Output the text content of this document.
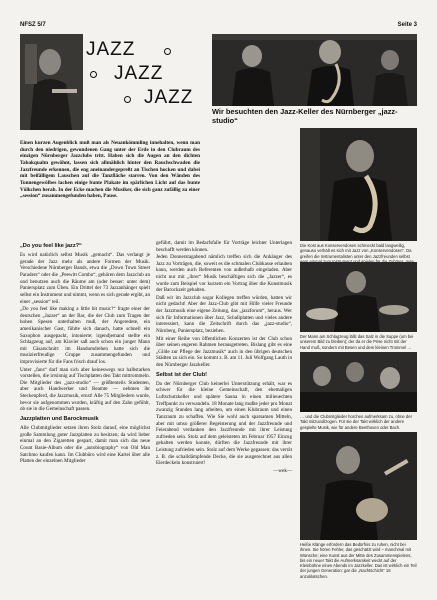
NFSZ 5/7	Seite 3
JAZZ
JAZZ
JAZZ
Wir besuchten den Jazz-Keller des Nürnberger „jazz-studio“
Die Kost aus Konservendosen schmeckt bald langweilig, genauso verhält es sich mit Jazz von „Konservendosen“. Da greifen die Instrumentalisten unter den Jazzfreunden selbst
Einen kurzen Augenblick muß man als Neuankömmling innehalten, wenn man durch den niedrigen, gewundenen Gang unter der Erde in den Clubraum des einzigen Nürnberger Jazzclubs tritt. Haben sich die Augen an den dichten Tabakqualm gewöhnt, lassen sich allmählich hinter den Rauchschwaden die Jazzfreunde erkennen, die eng aneinandergepreßt an Tischen hocken und dabei mit beifälligem Lauschen auf die Tanzfläche starren. Von den Wänden des Tonnengewölbes lachen einige bunte Plakate im spärlichen Licht auf das bunte Völkchen herab. In der Ecke machen die Musiker, die sich ganz zufällig zu einer „session“ zusammengefunden haben, Pause.
„Do you feel like jazz?“

Es wird natürlich selbst Musik „gemacht“. Das verlangt je gerade der Jazz mehr als andere Formen der Musik. Verschiedene Nürnberger Bands, etwa die „Down Town Street Paraders“ oder die „Peewitt Combo“, gehören dem Jazzclub an und benutzen auch die Räume am (oder besser: unter dem) Paniersplatz zum Üben. Ein Drittel der 73 Jazzanhänger spielt selbst ein Instrument und nimmt, wenn es sich gerade ergibt, an einer „session“ teil.

„Do you feel like making a little bit music?“ fragte einer der deutschen „Jazzer“ an der Bar, die der Club zum Tragen der hohen Spesen unterhalten muß, der Angeredete, ein amerikanischer Gast, fühlte sich danach, hatte schnell ein Saxophon ausgepackt, intonierte; irgendjemand stellte ein Schlagzeug auf, am Klavier saß auch schon ein junger Mann mit Cäsarschnitt: im Handumdrehen hatte sich die musizierfreudige Gruppe zusammengefunden und improvisierte für die Fans frisch drauf los.

Unter „fans“ darf man sich aber keineswegs nur halbstarken vorstellen, die irrsinnig auf Tischplatten den Takt mittrommeln. Die Mitglieder des „jazz-studio“ — größtenteils Studenten, aber auch Handwerker und Beamte — nehmen ihr Steckenpferd, die Jazzmusik, ernst! Alle 75 Mitgliedern wurde, bevor sie aufgenommen wurden, kräftig auf den Zahn gefühlt, ob sie in die Gemeinschaft passen.

Jazzplatten und Barockmusik

Alle Clubmitglieder setzen ihren Stolz darauf, eine möglichst große Sammlung guter Jazzplatten zu besitzen; da wird lieber einmal an den Zigaretten gespart, damit man sich das neue Count Basie-Album oder die „autobiography“ von Old Man Satchmo kaufen kann. Im Clubbüro wird eine Kartei über alle Platten der einzelnen Mitglieder

geführt, damit im Bedarfsfalle für Vorträge leichter Unterlagen beschafft werden können.

Jeden Donnerstagabend nämlich treffen sich die Anhänger des Jazz zu Vorträgen, die, soweit es die schmalen Clubkasse erlauben kann, werden auch Referenten von außerhalb eingeladen. Aber nicht nur mit „ihrer“ Musik beschäftigen sich die „Jazzer“, es wurde zum Beispiel vor kurzem ein Vortrag über die Kunstmusik der Barockzeit gehalten.

Daß wir im Jazzclub sogar Kollegen treffen würden, hatten wir nicht gedacht! Aber der Jazz-Club gibt mit Hilfe vieler Freunde der Jazzmusik eine eigene Zeitung, das „jazzforum“, heraus. Wer sich für Informationen über Jazz, Schallplatten und vieles andere interessiert, kann die Zeitschrift durch das „jazz-studio“, Nürnberg, Paniersplatz, beziehen.

Mit einer Reihe von öffentlichen Konzerten ist der Club schon über seinen engeren Rahmen herausgetreten. Bislang gibt es eine „Gilde zur Pflege der Jazzmusik“ auch in den übrigen deutschen Städten zu sich ein. So kommt z. B. am 11. Juli Wolfgang Lauth in den Nürnberger Jazzkeller.

Selbst ist der Club!

Da der Nürnberger Club keinerlei Unterstützung erhält, war es schwer für die kleine Gemeinschaft, den ehemaligen Luftschutzkeller und spätere Sauna in einen milieuechten Treffpunkt zu verwandeln. 18 Monate lang mußte jeder pro Monat zwanzig Stunden lang arbeiten, um einen Klubraum und einen Tanzraum zu schaffen. Wie Sie wohl auch sparsamen Mitteln, aber mit umso größerer Begeisterung und der Jazzfreunde und Feierabend verdanken den Jazzfreunde mit ihrer Leistung zufrieden sein. Stolz auf dem geleisteten im Februar 1957 Einzug gehalten werden konnte, dürften die Jazzfreunde mit ihrer Leistung zufrieden sein. Stolz auf dem Werke gegassen: das verrät z. B. die schalldämpfende Decke, die sie ausgerechnet aus allen Eierdeckeln konstruiert!

—wek—

Der Mann am Schlagzeug läßt das Salz in die Suppe (um bei unserem Bild zu bleiben); der da er die Prise nicht mit der Hand muß, sondern mit Besen und dem kleinen Trommel …
… und die Clubmitglieder horchen aufmerksam zu, ohne der Takt mitzuvollzogen. Für sie der Takt wirklich der andere gespielte Musik, wie für andere Beethoven oder Bach.
Heiße Klänge erfordern das Bedürfnis zu ruhen, nicht bei ihnen. Sie hören Fehler, das geschätzt wird – manchmal mit Wünsche; eine Kunst aus der Mitte des Zusammenspielens, bis ein neuer Takt die Aufmerksamkeit weckt auf der Kleinbühne eines Abends im Jazzkeller. Das ist wirklich ein Teil der jungen Generation: gar die „Nachtschicht“ 18 anzuklatschen.
